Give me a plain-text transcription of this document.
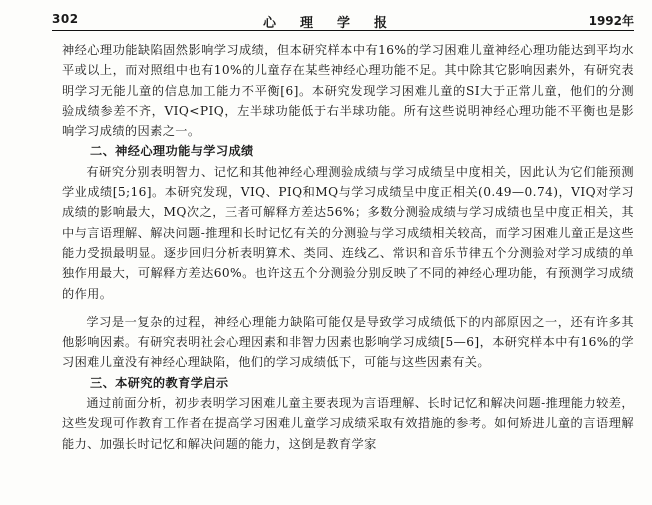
302	心理学报	1992年

神经心理功能缺陷固然影响学习成绩，但本研究样本中有16%的学习困难儿童神经心理功能达到平均水平或以上，而对照组中也有10%的儿童存在某些神经心理功能不足。其中除其它影响因素外，有研究表明学习无能儿童的信息加工能力不平衡[6]。本研究发现学习困难儿童的SI大于正常儿童，他们的分测验成绩参差不齐，VIQ<PIQ，左半球功能低于右半球功能。所有这些说明神经心理功能不平衡也是影响学习成绩的因素之一。

二、神经心理功能与学习成绩

有研究分别表明智力、记忆和其他神经心理测验成绩与学习成绩呈中度相关，因此认为它们能预测学业成绩[5;16]。本研究发现，VIQ、PIQ和MQ与学习成绩呈中度正相关(0.49—0.74)，VIQ对学习成绩的影响最大，MQ次之，三者可解释方差达56%；多数分测验成绩与学习成绩也呈中度正相关，其中与言语理解、解决问题-推理和长时记忆有关的分测验与学习成绩相关较高，而学习困难儿童正是这些能力受损最明显。逐步回归分析表明算术、类同、连线乙、常识和音乐节律五个分测验对学习成绩的单独作用最大，可解释方差达60%。也许这五个分测验分别反映了不同的神经心理功能，有预测学习成绩的作用。

学习是一复杂的过程，神经心理能力缺陷可能仅是导致学习成绩低下的内部原因之一，还有许多其他影响因素。有研究表明社会心理因素和非智力因素也影响学习成绩[5—6]，本研究样本中有16%的学习困难儿童没有神经心理缺陷，他们的学习成绩低下，可能与这些因素有关。

三、本研究的教育学启示

通过前面分析，初步表明学习困难儿童主要表现为言语理解、长时记忆和解决问题-推理能力较差，这些发现可作教育工作者在提高学习困难儿童学习成绩采取有效措施的参考。如何矫进儿童的言语理解能力、加强长时记忆和解决问题的能力，这倒是教育学家
